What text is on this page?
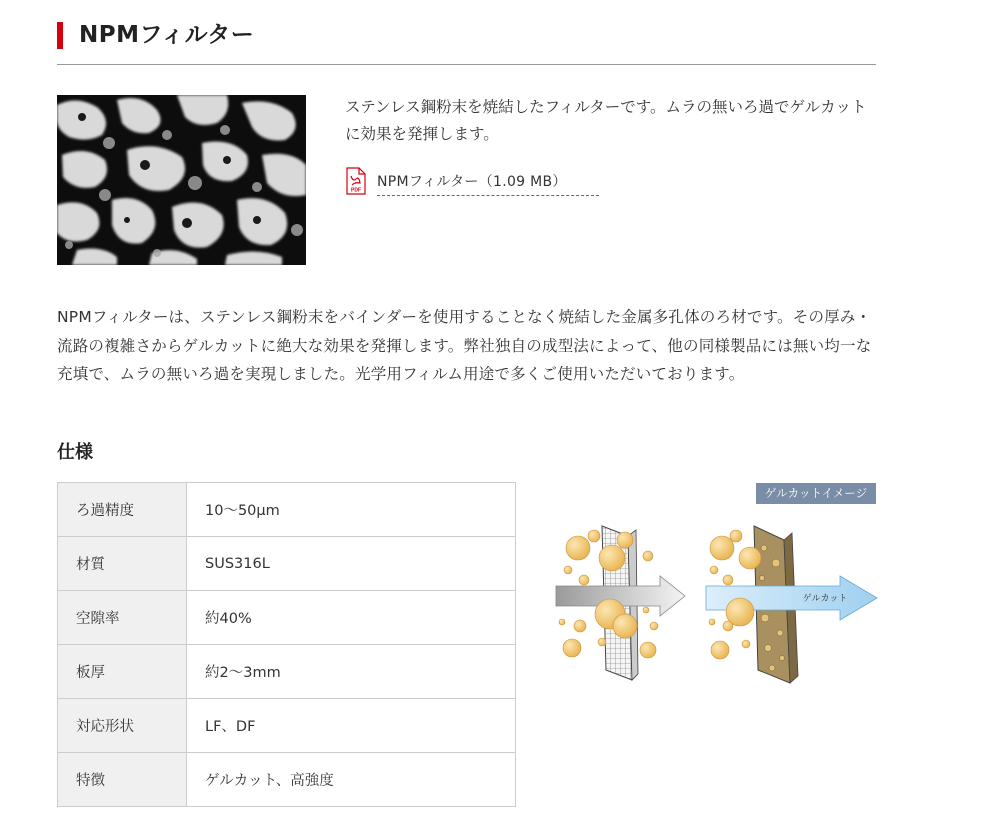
NPMフィルター
ステンレス鋼粉末を焼結したフィルターです。ムラの無いろ過でゲルカットに効果を発揮します。
PDF
NPMフィルター（1.09 MB）

NPMフィルターは、ステンレス鋼粉末をバインダーを使用することなく焼結した金属多孔体のろ材です。その厚み・流路の複雑さからゲルカットに絶大な効果を発揮します。弊社独自の成型法によって、他の同様製品には無い均一な充填で、ムラの無いろ過を実現しました。光学用フィルム用途で多くご使用いただいております。

仕様
ろ過精度	10～50μm
材質	SUS316L
空隙率	約40%
板厚	約2～3mm
対応形状	LF、DF
特徴	ゲルカット、高強度
ゲルカットイメージ
ゲルカット
